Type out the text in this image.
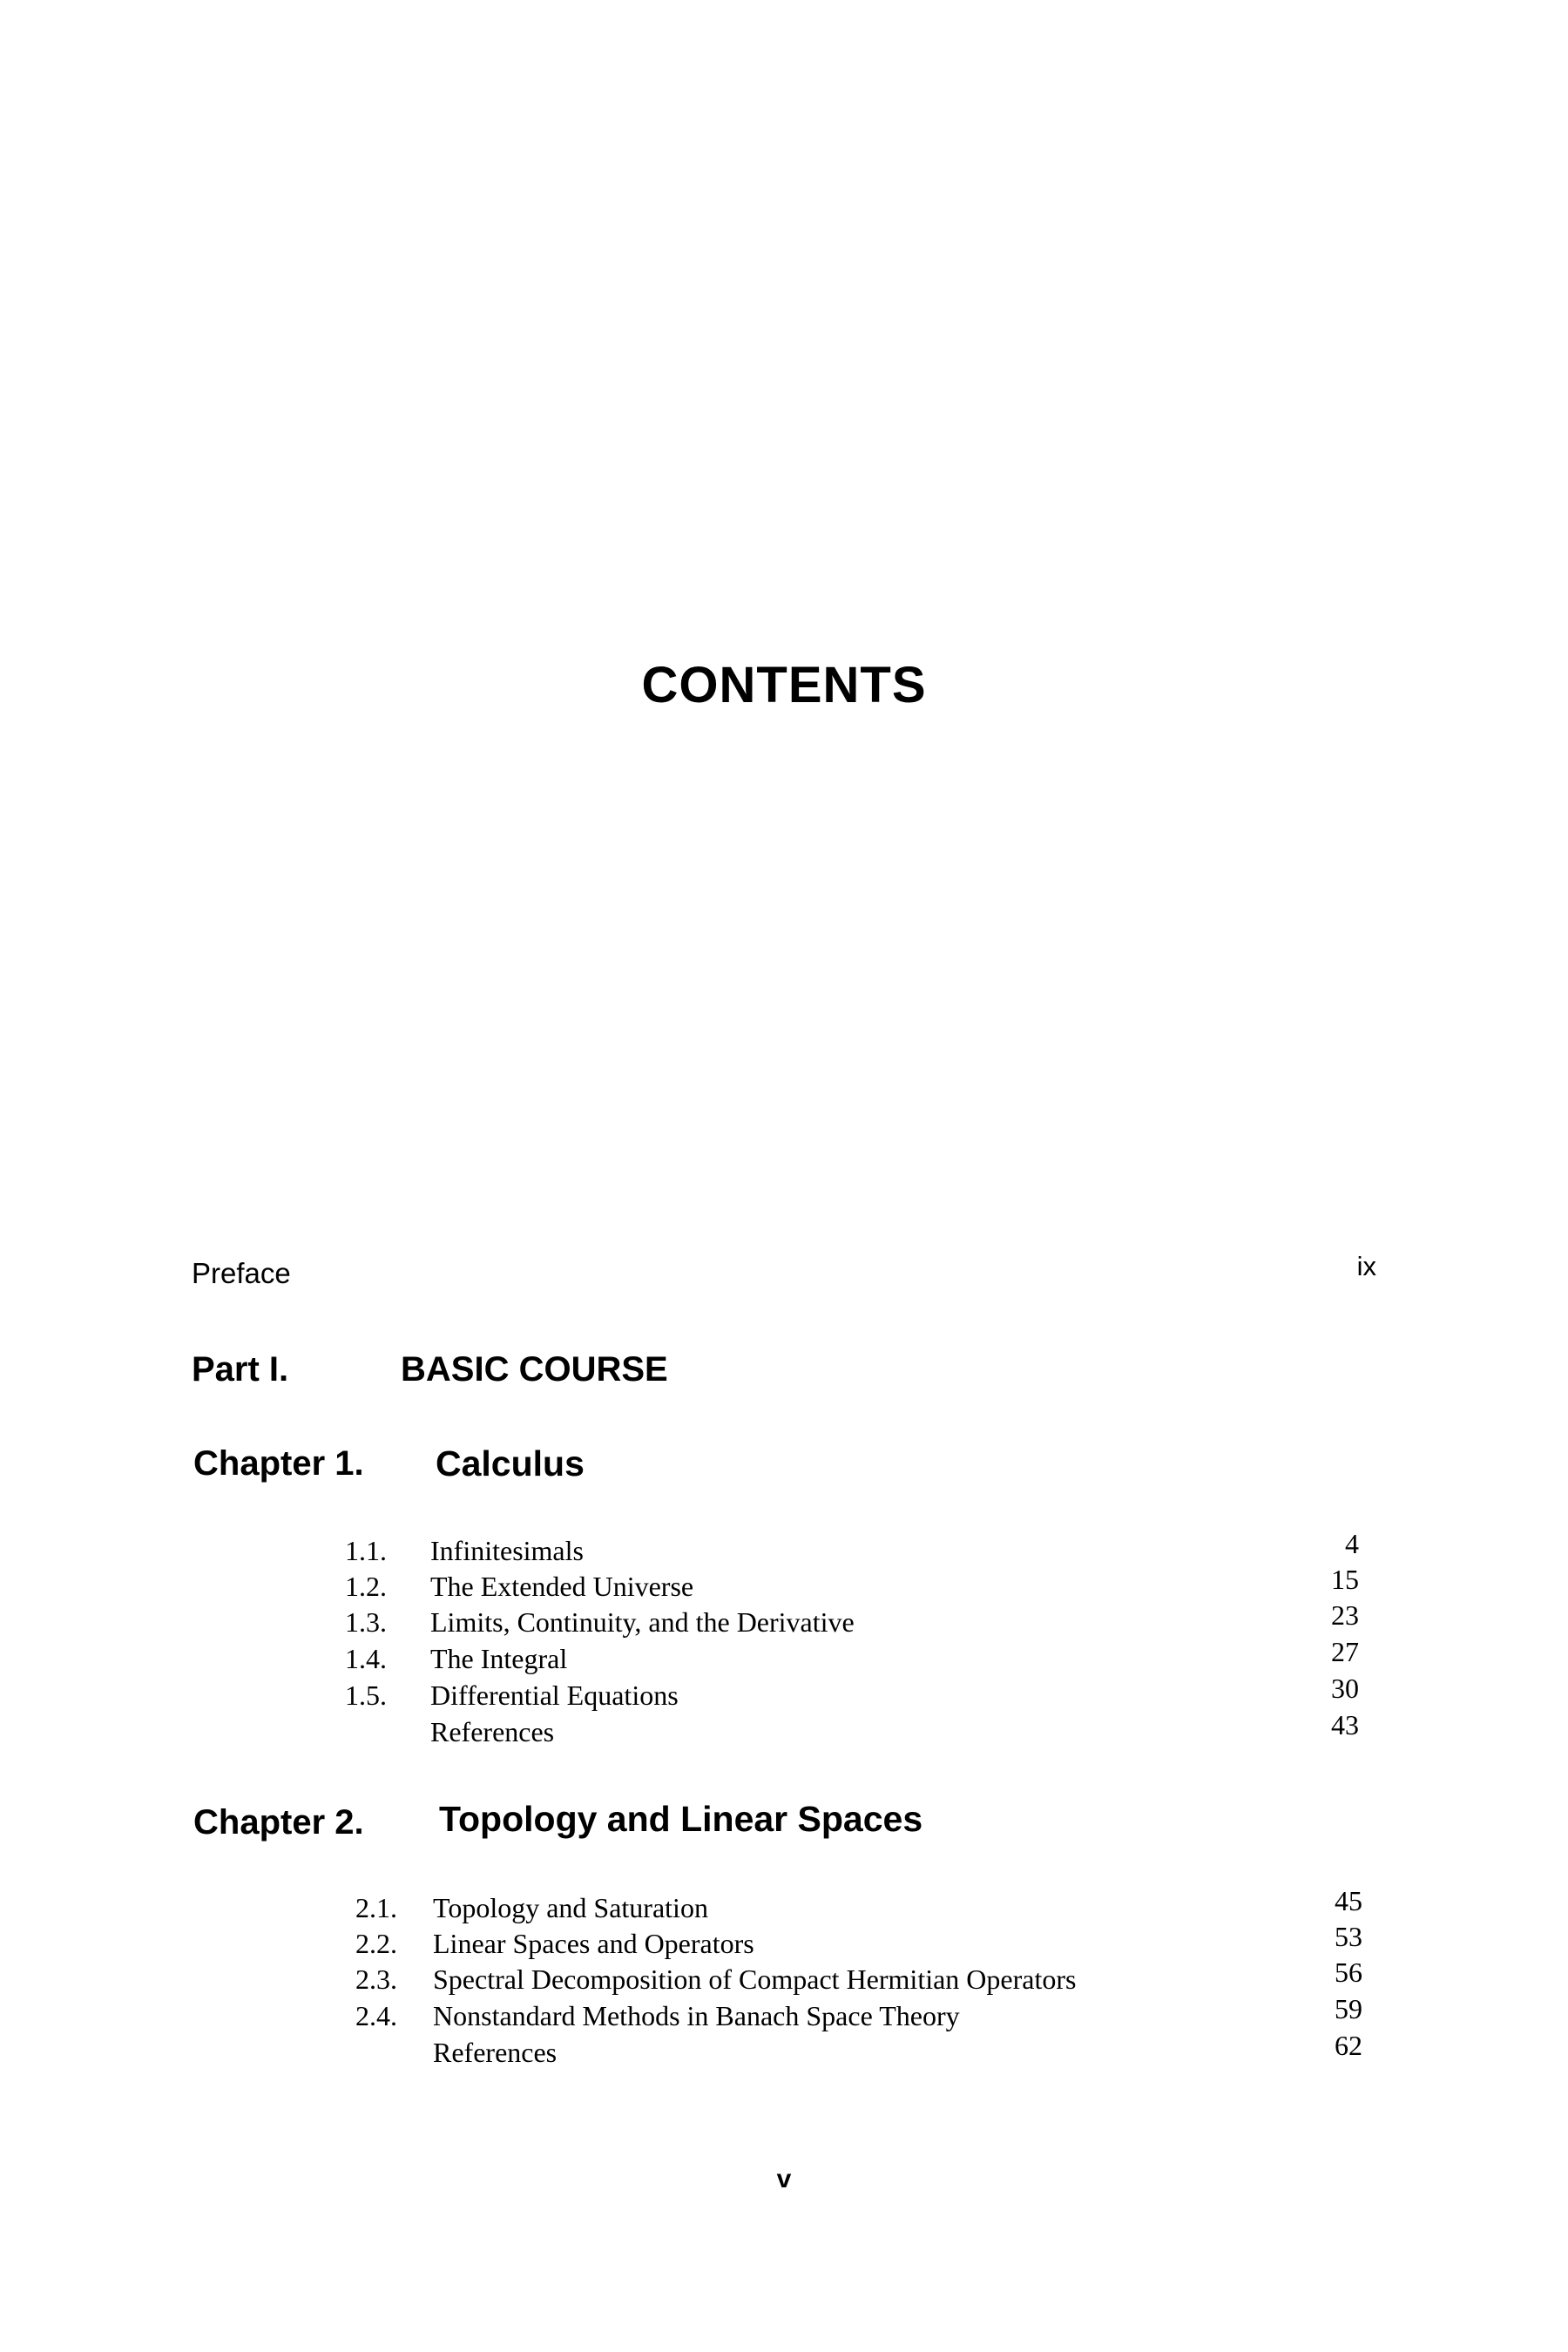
CONTENTS
Preface	ix
Part I.	BASIC COURSE
Chapter 1. Calculus
1.1. Infinitesimals	4
1.2. The Extended Universe	15
1.3. Limits, Continuity, and the Derivative	23
1.4. The Integral	27
1.5. Differential Equations	30
References	43
Chapter 2. Topology and Linear Spaces
2.1. Topology and Saturation	45
2.2. Linear Spaces and Operators	53
2.3. Spectral Decomposition of Compact Hermitian Operators	56
2.4. Nonstandard Methods in Banach Space Theory	59
References	62
v
